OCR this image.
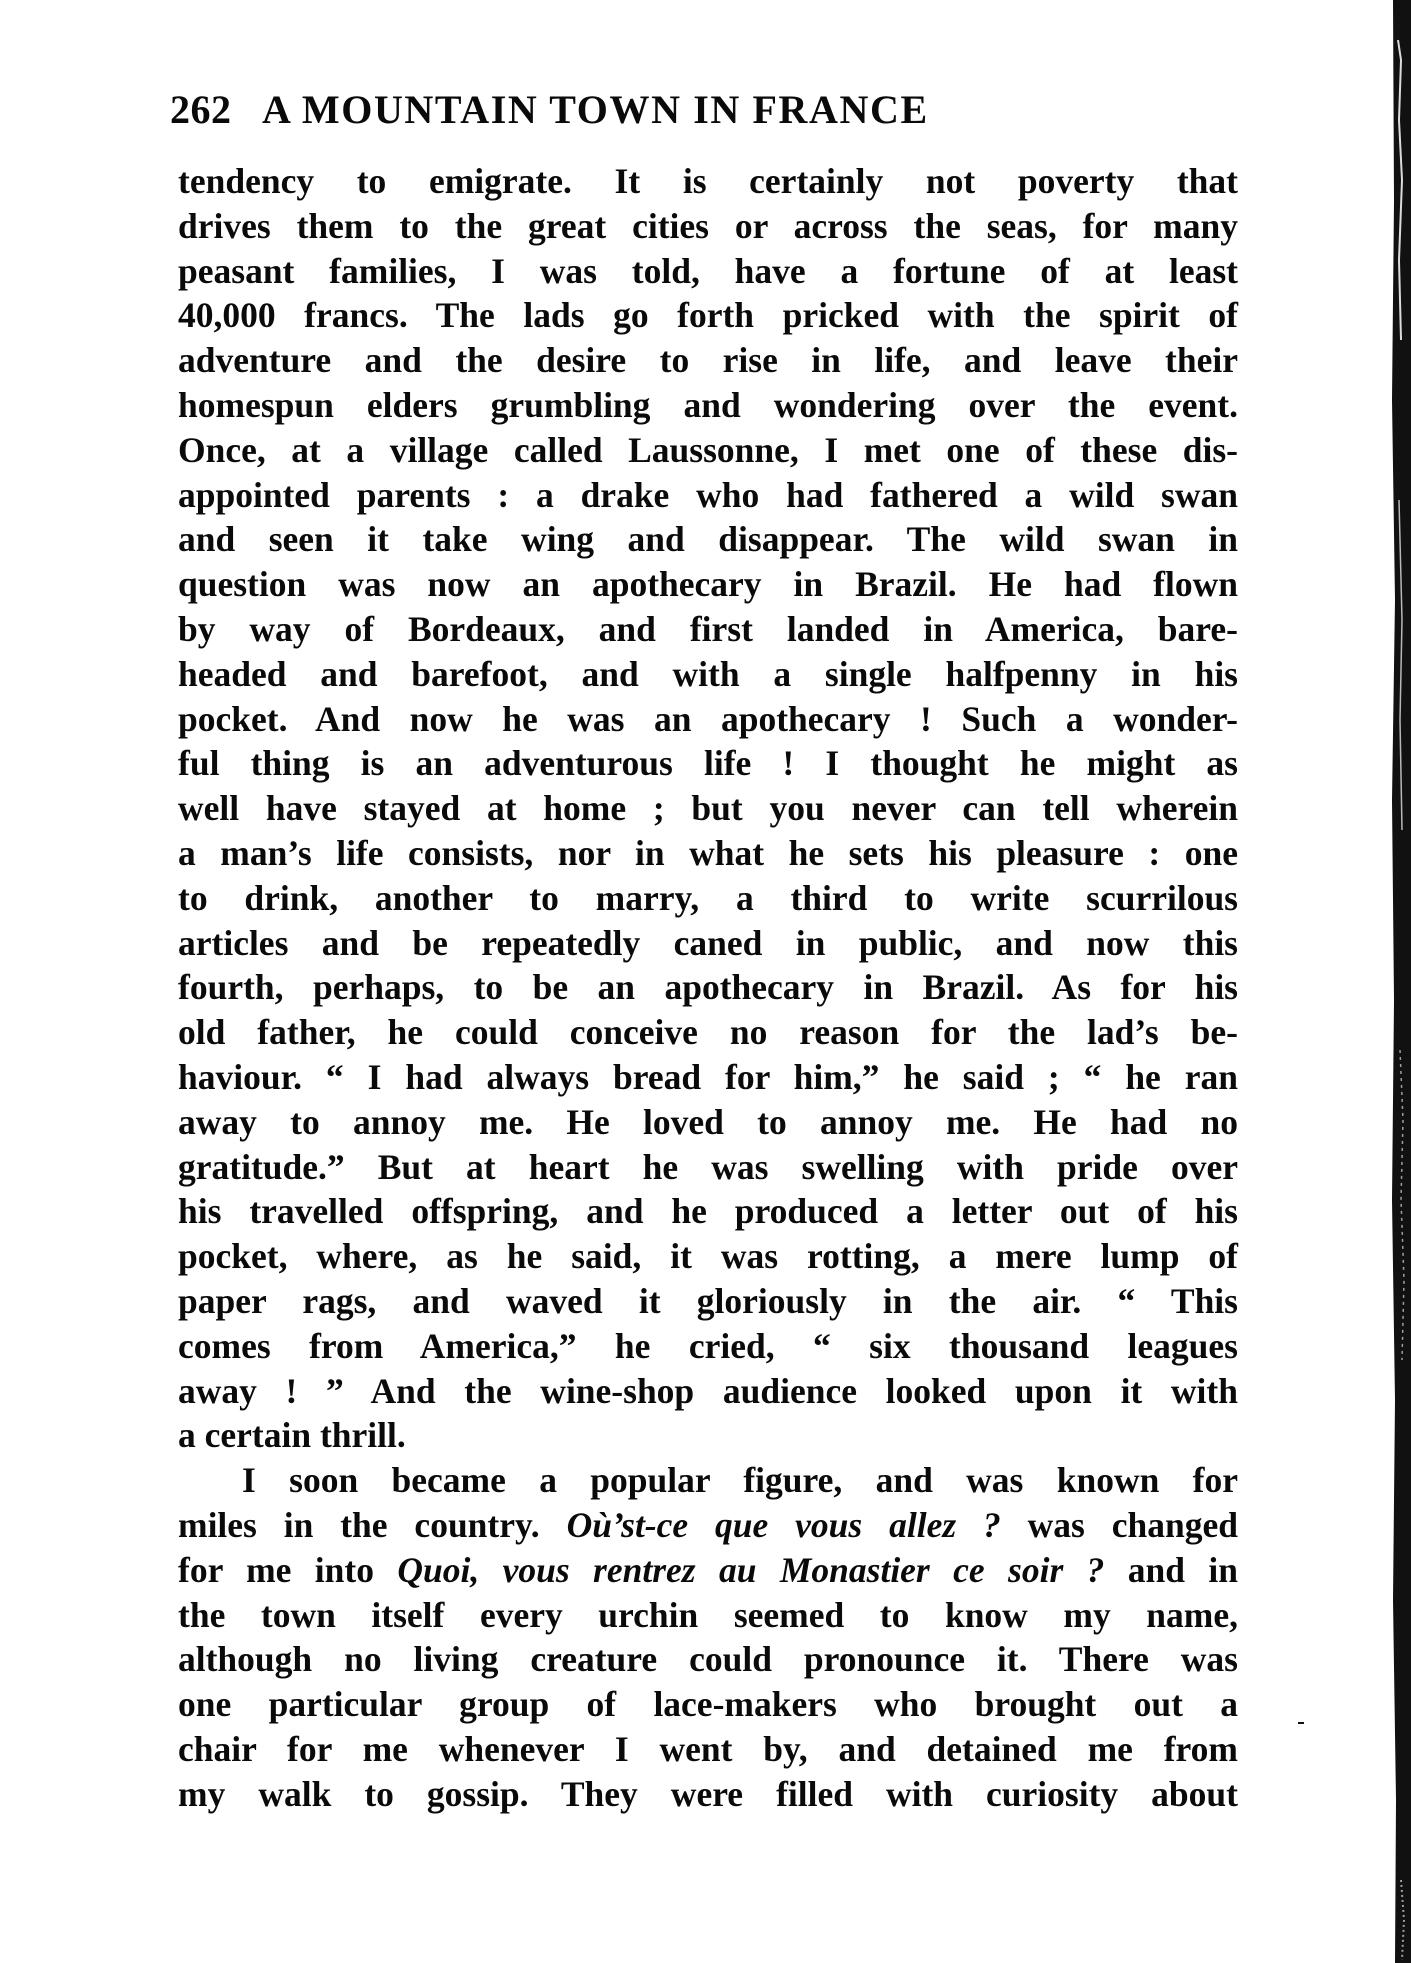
262 A MOUNTAIN TOWN IN FRANCE
tendency to emigrate. It is certainly not poverty that
drives them to the great cities or across the seas, for many
peasant families, I was told, have a fortune of at least
40,000 francs. The lads go forth pricked with the spirit of
adventure and the desire to rise in life, and leave their
homespun elders grumbling and wondering over the event.
Once, at a village called Laussonne, I met one of these dis-
appointed parents : a drake who had fathered a wild swan
and seen it take wing and disappear. The wild swan in
question was now an apothecary in Brazil. He had flown
by way of Bordeaux, and first landed in America, bare-
headed and barefoot, and with a single halfpenny in his
pocket. And now he was an apothecary ! Such a wonder-
ful thing is an adventurous life ! I thought he might as
well have stayed at home ; but you never can tell wherein
a man’s life consists, nor in what he sets his pleasure : one
to drink, another to marry, a third to write scurrilous
articles and be repeatedly caned in public, and now this
fourth, perhaps, to be an apothecary in Brazil. As for his
old father, he could conceive no reason for the lad’s be-
haviour. “ I had always bread for him,” he said ; “ he ran
away to annoy me. He loved to annoy me. He had no
gratitude.” But at heart he was swelling with pride over
his travelled offspring, and he produced a letter out of his
pocket, where, as he said, it was rotting, a mere lump of
paper rags, and waved it gloriously in the air. “ This
comes from America,” he cried, “ six thousand leagues
away ! ” And the wine-shop audience looked upon it with
a certain thrill.
I soon became a popular figure, and was known for
miles in the country. Où’st-ce que vous allez ? was changed
for me into Quoi, vous rentrez au Monastier ce soir ? and in
the town itself every urchin seemed to know my name,
although no living creature could pronounce it. There was
one particular group of lace-makers who brought out a
chair for me whenever I went by, and detained me from
my walk to gossip. They were filled with curiosity about
